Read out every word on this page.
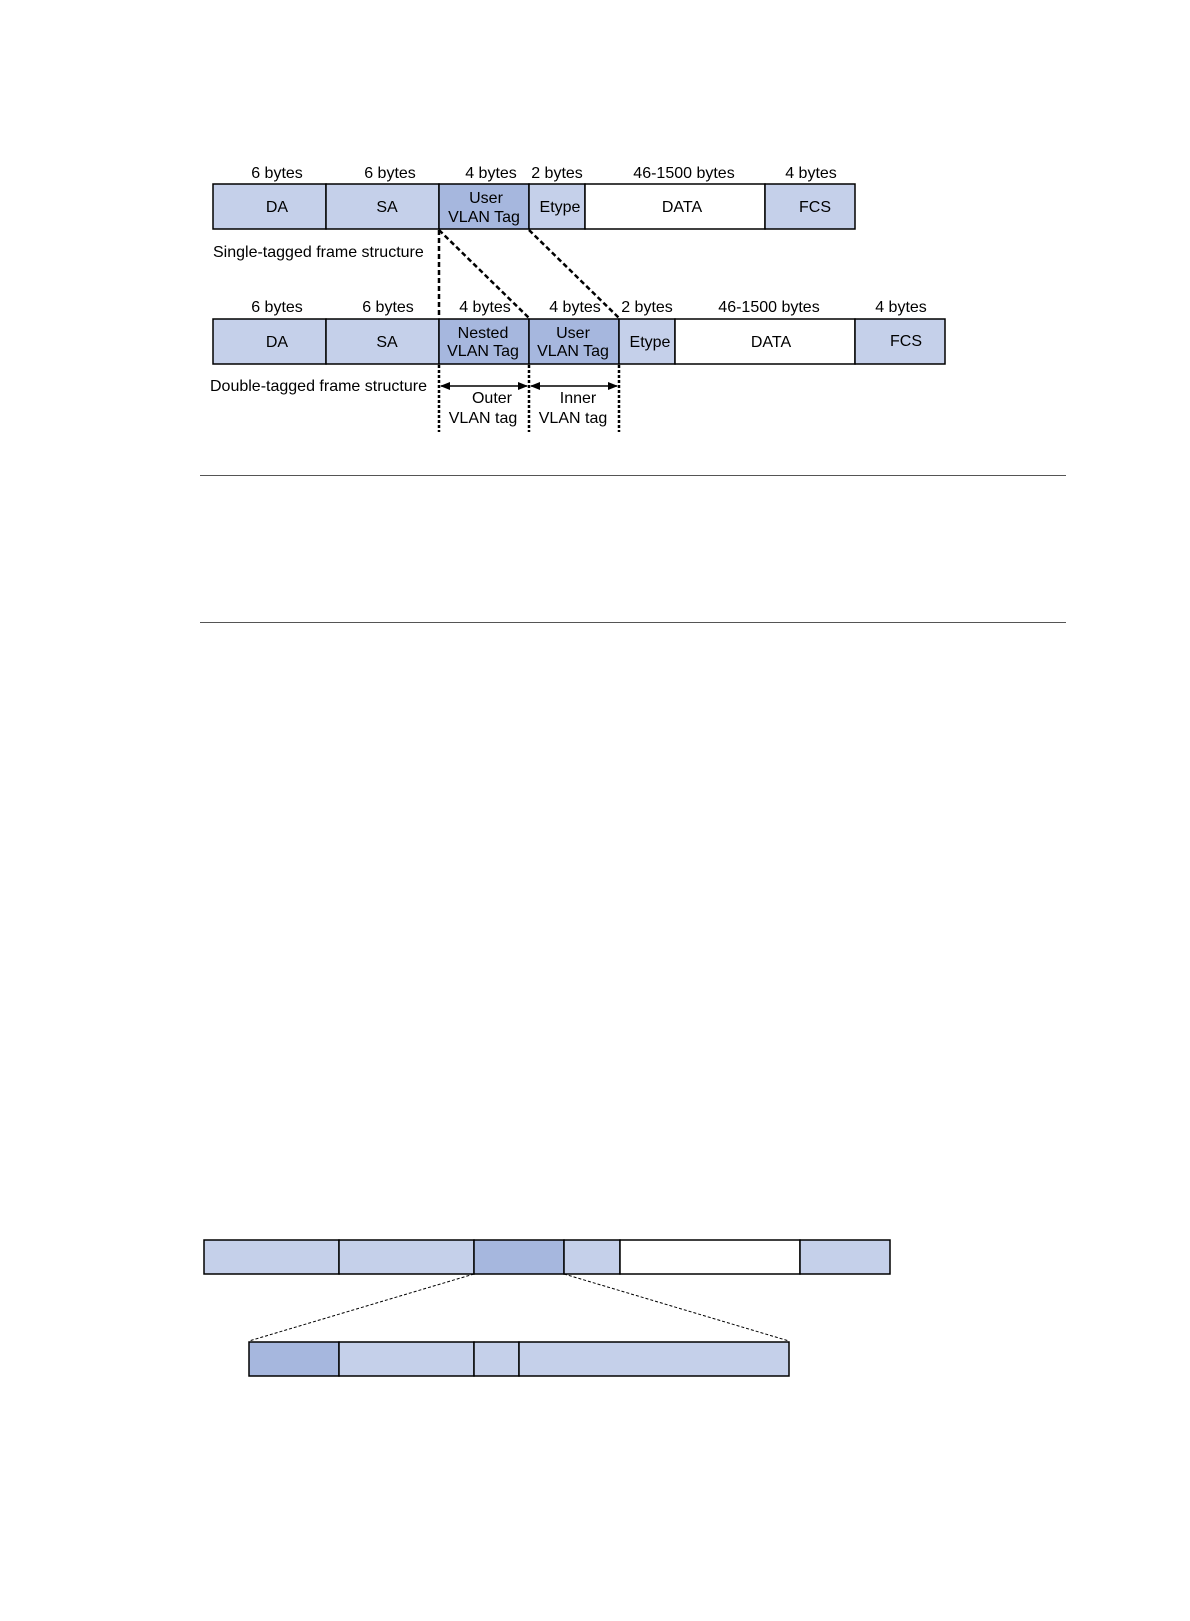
6 bytes	6 bytes	4 bytes 2 bytes	46-1500 bytes	4 bytes
DA	SA
User
VLAN Tag
Etype	DATA	FCS
Single-tagged frame structure
6 bytes	6 bytes	4 bytes 4 bytes 2 bytes	46-1500 bytes	4 bytes
DA	SA
Nested
VLAN Tag
User
VLAN Tag
Etype	DATA	FCS
Double-tagged frame structure
Outer
VLAN tag
Inner
VLAN tag
